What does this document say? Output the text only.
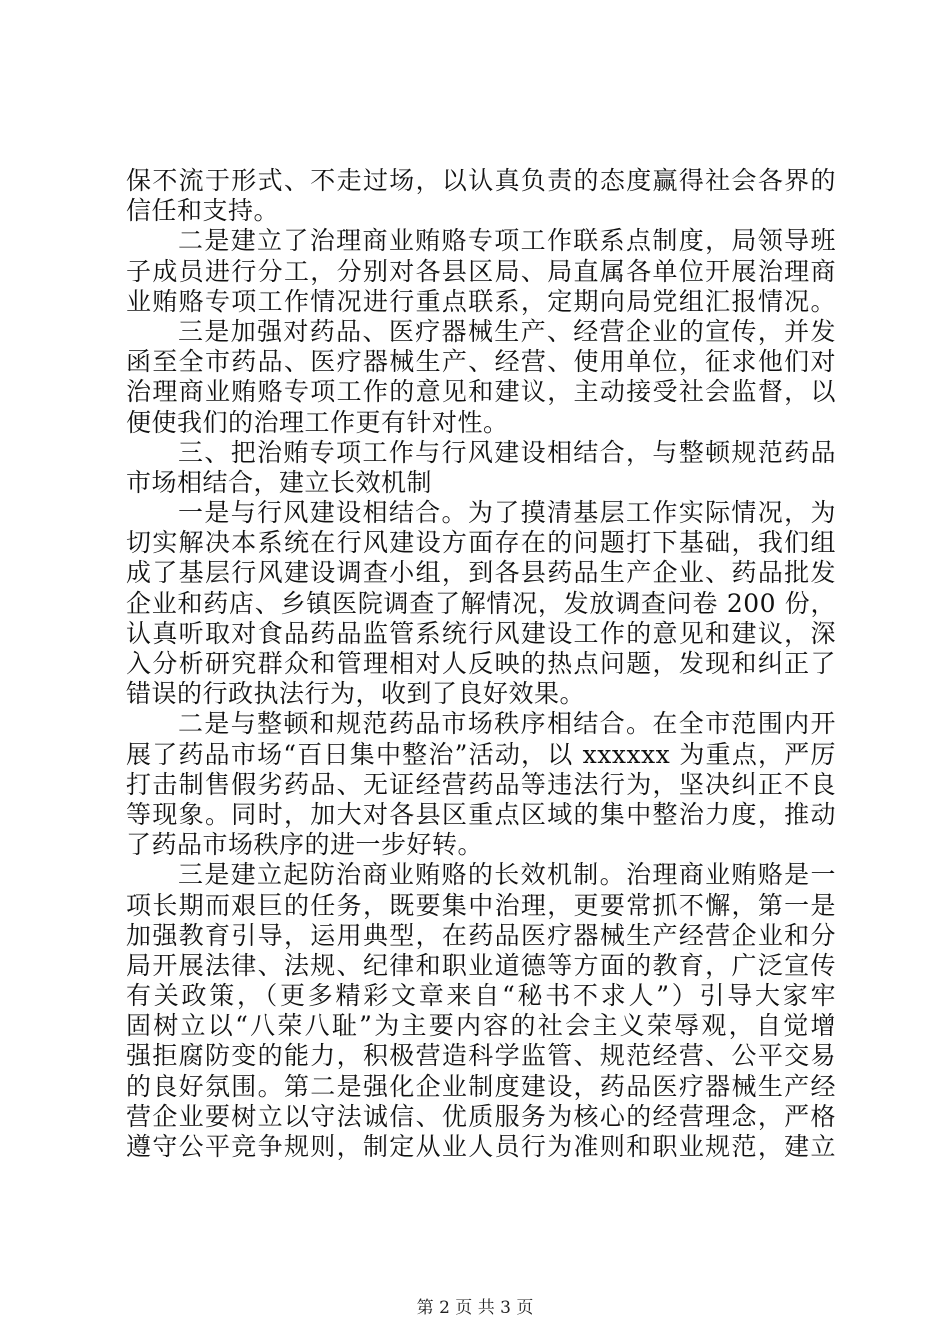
保不流于形式、不走过场，以认真负责的态度赢得社会各界的
信任和支持。
二是建立了治理商业贿赂专项工作联系点制度，局领导班
子成员进行分工，分别对各县区局、局直属各单位开展治理商
业贿赂专项工作情况进行重点联系，定期向局党组汇报情况。
三是加强对药品、医疗器械生产、经营企业的宣传，并发
函至全市药品、医疗器械生产、经营、使用单位，征求他们对
治理商业贿赂专项工作的意见和建议，主动接受社会监督，以
便使我们的治理工作更有针对性。
三、把治贿专项工作与行风建设相结合，与整顿规范药品
市场相结合，建立长效机制
一是与行风建设相结合。为了摸清基层工作实际情况，为
切实解决本系统在行风建设方面存在的问题打下基础，我们组
成了基层行风建设调查小组，到各县药品生产企业、药品批发
企业和药店、乡镇医院调查了解情况，发放调查问卷 200 份，
认真听取对食品药品监管系统行风建设工作的意见和建议，深
入分析研究群众和管理相对人反映的热点问题，发现和纠正了
错误的行政执法行为，收到了良好效果。
二是与整顿和规范药品市场秩序相结合。在全市范围内开
展了药品市场“百日集中整治”活动，以 xxxxxx 为重点，严厉
打击制售假劣药品、无证经营药品等违法行为，坚决纠正不良
等现象。同时，加大对各县区重点区域的集中整治力度，推动
了药品市场秩序的进一步好转。
三是建立起防治商业贿赂的长效机制。治理商业贿赂是一
项长期而艰巨的任务，既要集中治理，更要常抓不懈，第一是
加强教育引导，运用典型，在药品医疗器械生产经营企业和分
局开展法律、法规、纪律和职业道德等方面的教育，广泛宣传
有关政策，（更多精彩文章来自“秘书不求人”）引导大家牢
固树立以“八荣八耻”为主要内容的社会主义荣辱观，自觉增
强拒腐防变的能力，积极营造科学监管、规范经营、公平交易
的良好氛围。第二是强化企业制度建设，药品医疗器械生产经
营企业要树立以守法诚信、优质服务为核心的经营理念，严格
遵守公平竞争规则，制定从业人员行为准则和职业规范，建立
第 2 页 共 3 页
